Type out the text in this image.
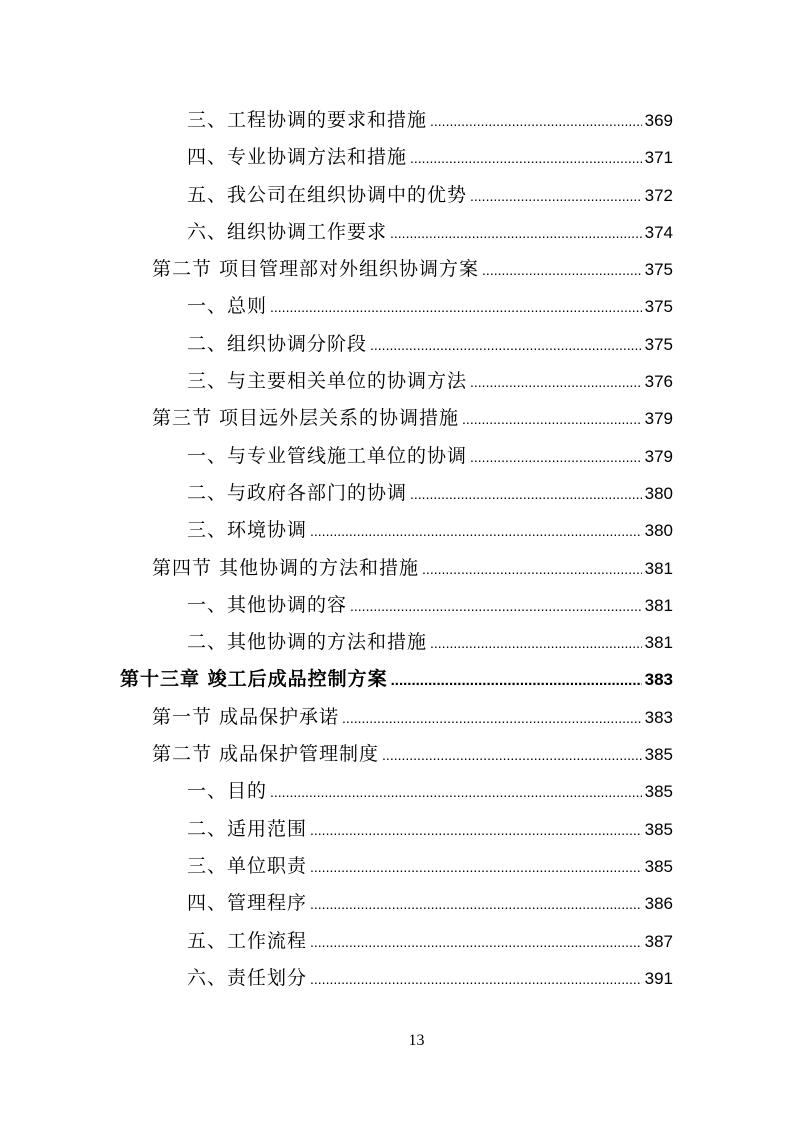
三、工程协调的要求和措施 .....	369
四、专业协调方法和措施 .....	371
五、我公司在组织协调中的优势 .....	372
六、组织协调工作要求 .....	374
第二节 项目管理部对外组织协调方案 .....	375
一、总则 .....	375
二、组织协调分阶段 .....	375
三、与主要相关单位的协调方法 .....	376
第三节 项目远外层关系的协调措施 .....	379
一、与专业管线施工单位的协调 .....	379
二、与政府各部门的协调 .....	380
三、环境协调 .....	380
第四节 其他协调的方法和措施 .....	381
一、其他协调的容 .....	381
二、其他协调的方法和措施 .....	381
第十三章 竣工后成品控制方案 .....	383
第一节 成品保护承诺 .....	383
第二节 成品保护管理制度 .....	385
一、目的 .....	385
二、适用范围 .....	385
三、单位职责 .....	385
四、管理程序 .....	386
五、工作流程 .....	387
六、责任划分 .....	391
13
